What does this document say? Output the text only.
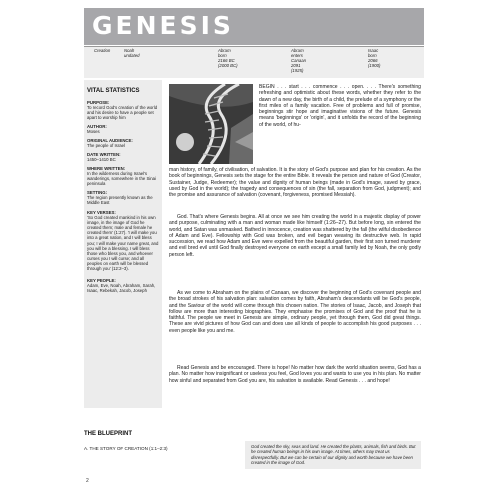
GENESIS
Creation	Noah
undated
Abram
born
2166 BC
(2000 BC)
Abram
enters
Canaan
2091
(1925)
Isaac
born
2066
(1900)
VITAL STATISTICS
PURPOSE:
To record God's creation of the world and his desire to have a people set apart to worship him
AUTHOR:
Moses
ORIGINAL AUDIENCE:
The people of Israel
DATE WRITTEN:
1450–1410 BC
WHERE WRITTEN:
In the wilderness during Israel's wanderings, somewhere in the Sinai peninsula
SETTING:
The region presently known as the Middle East
KEY VERSES:
'So God created mankind in his own image, in the image of God he created them; male and female he created them' (1:27). 'I will make you into a great nation, and I will bless you; I will make your name great, and you will be a blessing. I will bless those who bless you, and whoever curses you I will curse; and all peoples on earth will be blessed through you' (12:2–3).
KEY PEOPLE:
Adam, Eve, Noah, Abraham, Sarah, Isaac, Rebekah, Jacob, Joseph
BEGIN . . . start . . . commence . . . open. . . . There's something refreshing and optimistic about these words, whether they refer to the dawn of a new day, the birth of a child, the prelude of a symphony or the first miles of a family vacation. Free of problems and full of promise, beginnings stir hope and imaginative visions of the future. Genesis means 'beginnings' or 'origin', and it unfolds the record of the beginning of the world, of hu-
man history, of family, of civilisation, of salvation. It is the story of God's purpose and plan for his creation. As the book of beginnings, Genesis sets the stage for the entire Bible. It reveals the person and nature of God (Creator, Sustainer, Judge, Redeemer); the value and dignity of human beings (made in God's image, saved by grace, used by God in the world); the tragedy and consequences of sin (the fall, separation from God, judgment); and the promise and assurance of salvation (covenant, forgiveness, promised Messiah).
God. That's where Genesis begins. All at once we see him creating the world in a majestic display of power and purpose, culminating with a man and woman made like himself (1:26–27). But before long, sin entered the world, and Satan was unmasked. Bathed in innocence, creation was shattered by the fall (the wilful disobedience of Adam and Eve). Fellowship with God was broken, and evil began weaving its destructive web. In rapid succession, we read how Adam and Eve were expelled from the beautiful garden, their first son turned murderer and evil bred evil until God finally destroyed everyone on earth except a small family led by Noah, the only godly person left.
As we come to Abraham on the plains of Canaan, we discover the beginning of God's covenant people and the broad strokes of his salvation plan: salvation comes by faith, Abraham's descendants will be God's people, and the Saviour of the world will come through this chosen nation. The stories of Isaac, Jacob, and Joseph that follow are more than interesting biographies. They emphasise the promises of God and the proof that he is faithful. The people we meet in Genesis are simple, ordinary people, yet through them, God did great things. These are vivid pictures of how God can and does use all kinds of people to accomplish his good purposes . . . even people like you and me.
Read Genesis and be encouraged. There is hope! No matter how dark the world situation seems, God has a plan. No matter how insignificant or useless you feel, God loves you and wants to use you in his plan. No matter how sinful and separated from God you are, his salvation is available. Read Genesis . . . and hope!
THE BLUEPRINT
A. THE STORY OF CREATION (1:1–2:3)	God created the sky, seas and land. He created the plants, animals, fish and birds. But he created human beings in his own image. At times, others may treat us disrespectfully. But we can be certain of our dignity and worth because we have been created in the image of God.
2
